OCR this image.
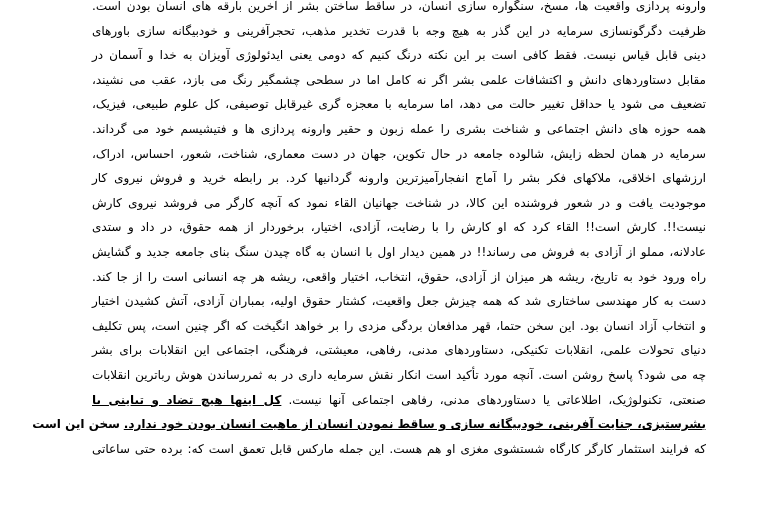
وارونه پردازی واقعیت ها، مسخ، سنگواره سازی انسان، در ساقط ساختن بشر از آخرین بارقه های انسان بودن است.
ظرفیت دگرگونسازی سرمایه در این گذر به هیچ وجه با قدرت تخدیر مذهب، تحجرآفرینی و خودبیگانه سازی باورهای
دینی قابل قیاس نیست. فقط کافی است بر این نکته درنگ کنیم که دومی یعنی ایدئولوژی آویزان به خدا و آسمان در
مقابل دستاوردهای دانش و اکتشافات علمی بشر اگر نه کامل اما در سطحی چشمگیر رنگ می بازد، عقب می نشیند،
تضعیف می شود یا حداقل تغییر حالت می دهد، اما سرمایه با معجزه گری غیرقابل توصیفی، کل علوم طبیعی، فیزیک،
همه حوزه های دانش اجتماعی و شناخت بشری را عمله زبون و حقیر وارونه پردازی ها و فتیشیسم خود می گرداند.
سرمایه در همان لحظه زایش، شالوده جامعه در حال تکوین، جهان در دست معماری، شناخت، شعور، احساس، ادراک،
ارزشهای اخلاقی، ملاکهای فکر بشر را آماج انفجارآمیزترین وارونه گردانیها کرد. بر رابطه خرید و فروش نیروی کار
موجودیت یافت و در شعور فروشنده این کالا، در شناخت جهانیان القاء نمود که آنچه کارگر می فروشد نیروی کارش
نیست!!. کارش است!! القاء کرد که او کارش را با رضایت، آزادی، اختیار، برخوردار از همه حقوق، در داد و ستدی
عادلانه، مملو از آزادی به فروش می رساند!! در همین دیدار اول با انسان به گاه چیدن سنگ بنای جامعه جدید و گشایش
راه ورود خود به تاریخ، ریشه هر میزان از آزادی، حقوق، انتخاب، اختیار واقعی، ریشه هر چه انسانی است را از جا کند.
دست به کار مهندسی ساختاری شد که همه چیزش جعل واقعیت، کشتار حقوق اولیه، بمباران آزادی، آتش کشیدن اختیار
و انتخاب آزاد انسان بود. این سخن حتما، قهر مدافعان بردگی مزدی را بر خواهد انگیخت که اگر چنین است، پس تکلیف
دنیای تحولات علمی، انقلابات تکنیکی، دستاوردهای مدنی، رفاهی، معیشتی، فرهنگی، اجتماعی این انقلابات برای بشر
چه می شود؟ پاسخ روشن است. آنچه مورد تأکید است انکار نقش سرمایه داری در به ثمررساندن هوش رباترین انقلابات
صنعتی، تکنولوژیک، اطلاعاتی یا دستاوردهای مدنی، رفاهی اجتماعی آنها نیست. کل اینها هیچ تضاد و تباینی با
بشرستیزی، جنایت آفرینی، خودبیگانه سازی و ساقط نمودن انسان از ماهیت انسان بودن خود ندارد. سخن این است
که فرایند استثمار کارگر کارگاه شستشوی مغزی او هم هست. این جمله مارکس قابل تعمق است که: برده حتی ساعاتی
